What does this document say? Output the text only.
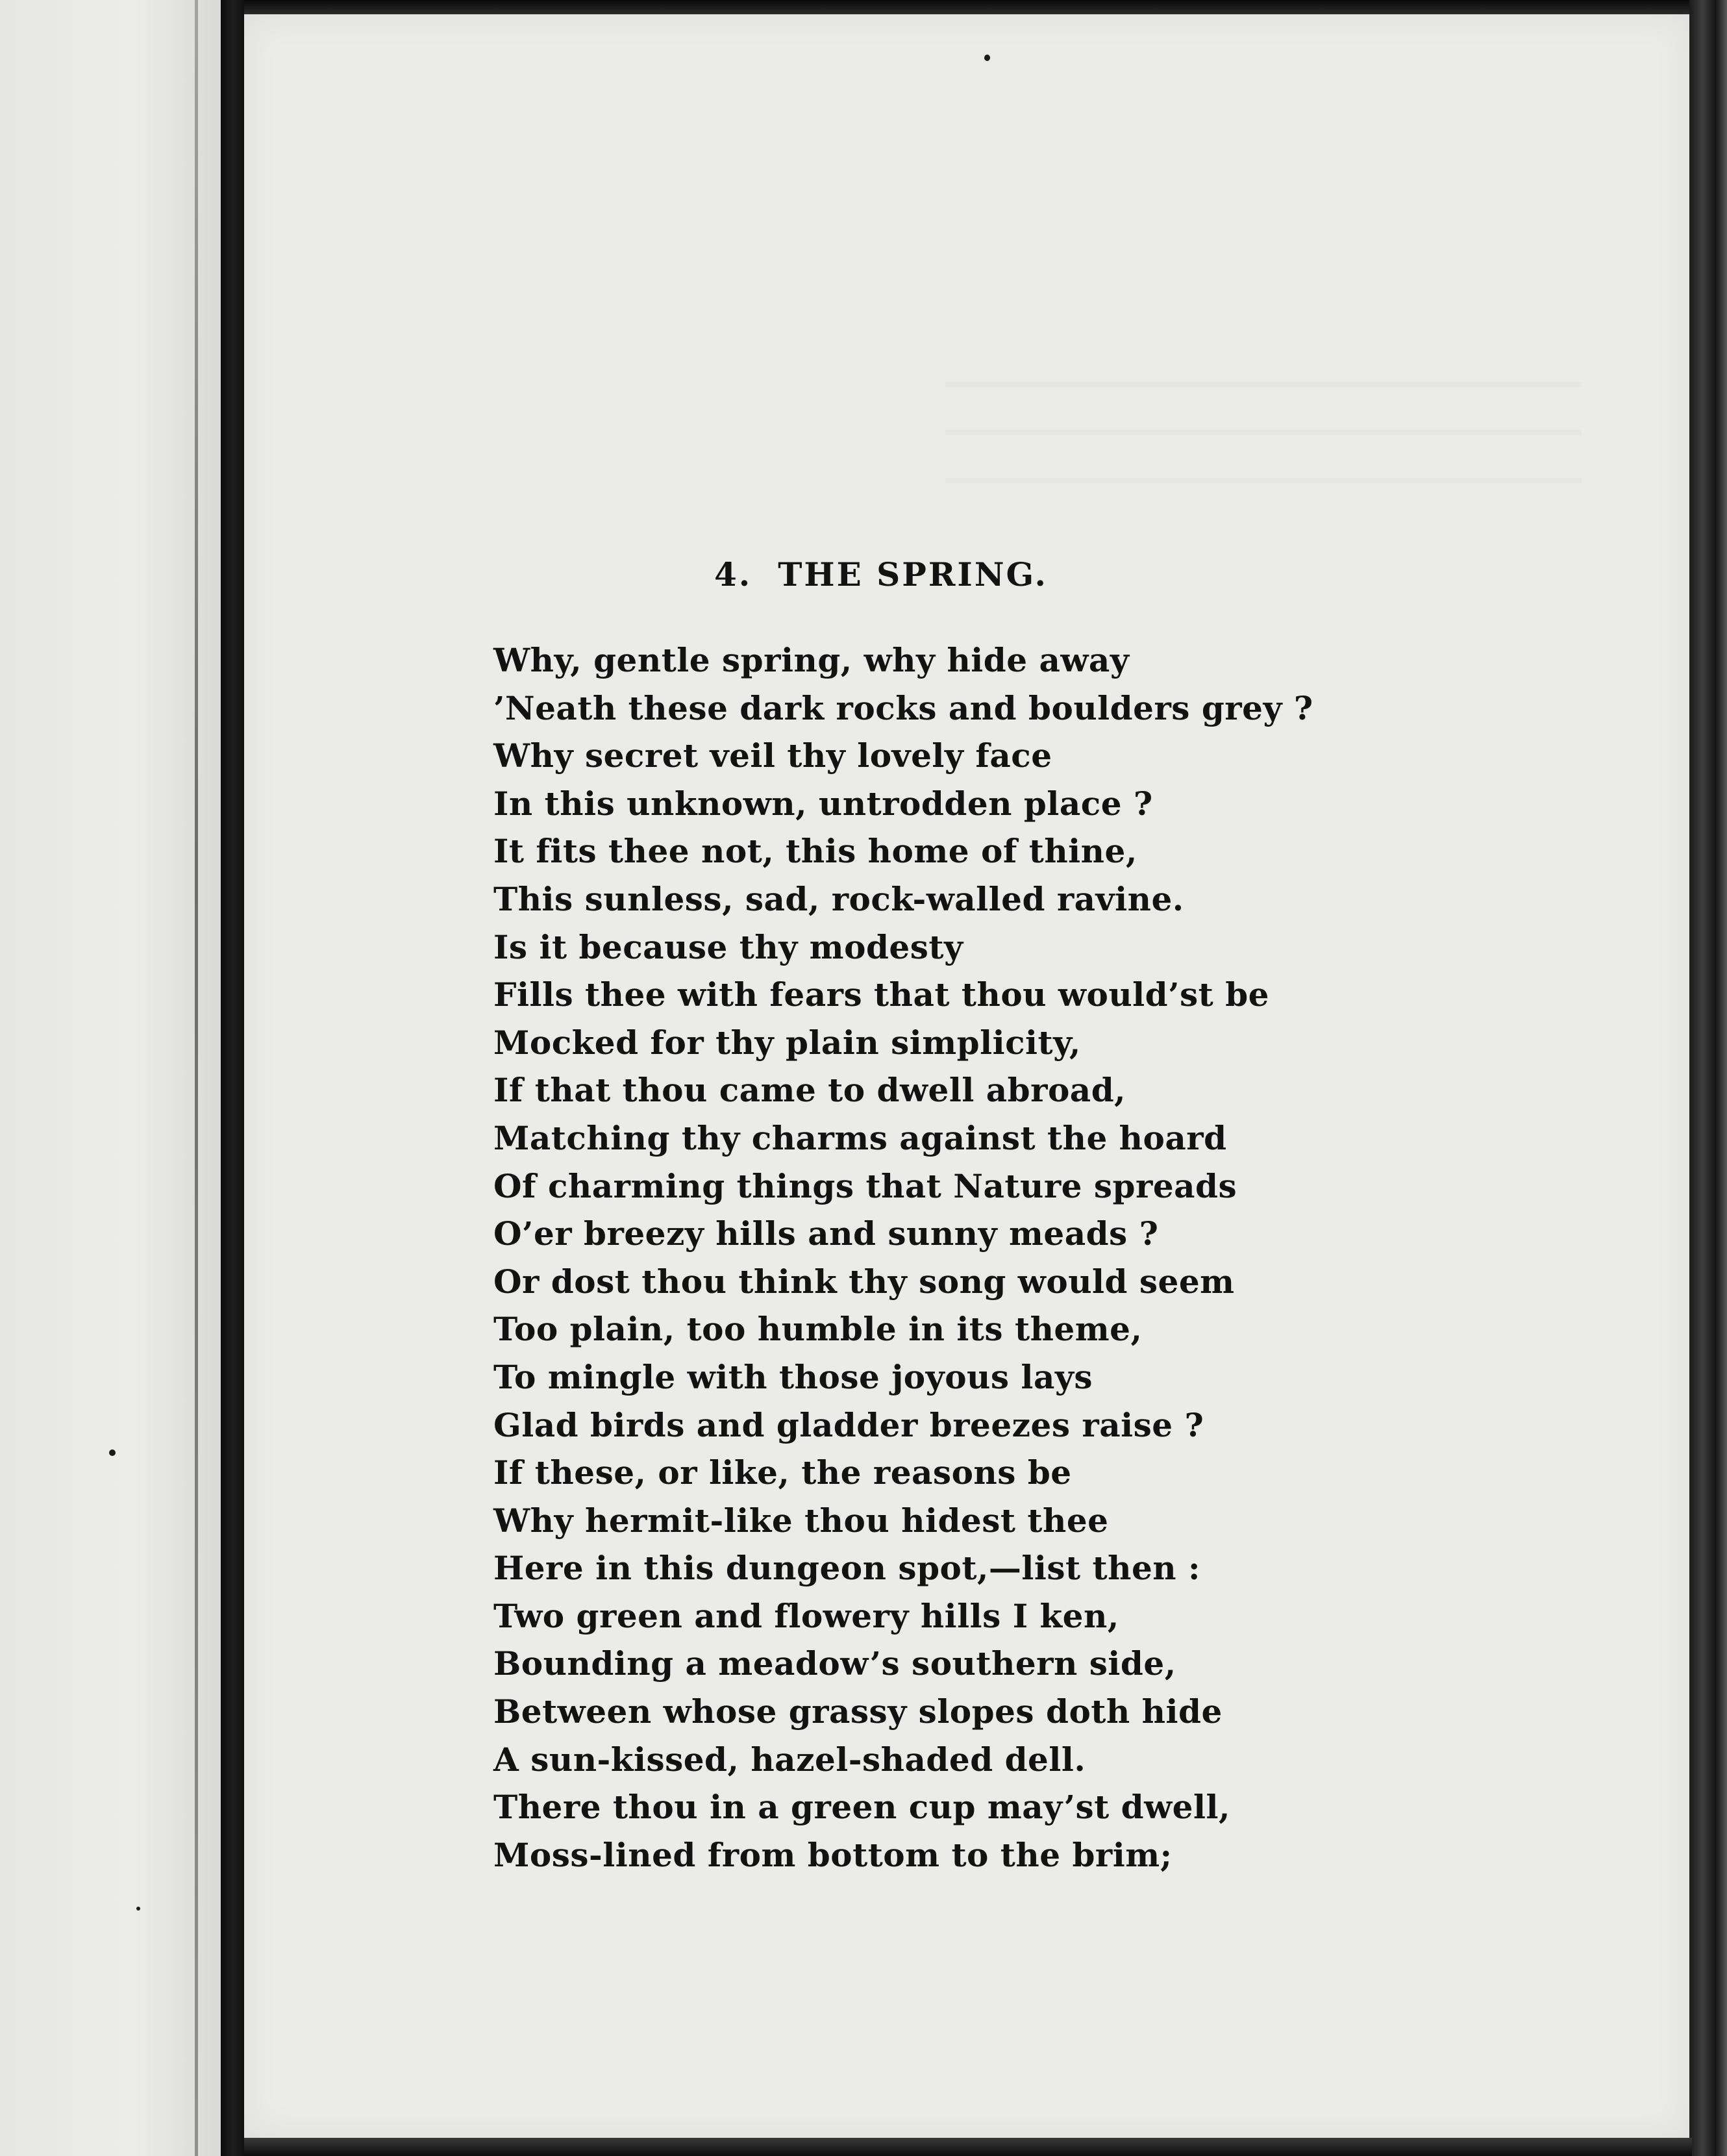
4. THE SPRING.
Why, gentle spring, why hide away
’Neath these dark rocks and boulders grey ?
Why secret veil thy lovely face
In this unknown, untrodden place ?
It fits thee not, this home of thine,
This sunless, sad, rock-walled ravine.
Is it because thy modesty
Fills thee with fears that thou would’st be
Mocked for thy plain simplicity,
If that thou came to dwell abroad,
Matching thy charms against the hoard
Of charming things that Nature spreads
O’er breezy hills and sunny meads ?
Or dost thou think thy song would seem
Too plain, too humble in its theme,
To mingle with those joyous lays
Glad birds and gladder breezes raise ?
If these, or like, the reasons be
Why hermit-like thou hidest thee
Here in this dungeon spot,—list then :
Two green and flowery hills I ken,
Bounding a meadow’s southern side,
Between whose grassy slopes doth hide
A sun-kissed, hazel-shaded dell.
There thou in a green cup may’st dwell,
Moss-lined from bottom to the brim;
